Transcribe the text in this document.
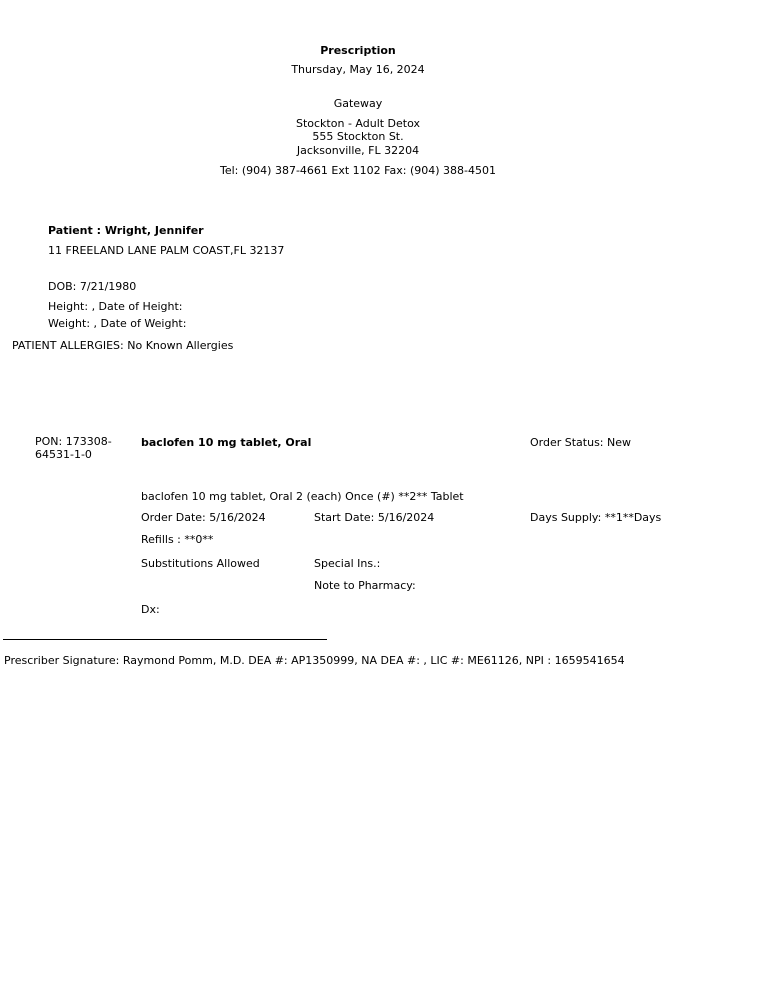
Prescription
Thursday, May 16, 2024
Gateway
Stockton - Adult Detox
555 Stockton St.
Jacksonville, FL 32204
Tel: (904) 387-4661 Ext 1102 Fax: (904) 388-4501
Patient : Wright, Jennifer
11 FREELAND LANE PALM COAST,FL 32137
DOB: 7/21/1980
Height: , Date of Height:
Weight: , Date of Weight:
PATIENT ALLERGIES: No Known Allergies
PON: 173308-
64531-1-0
baclofen 10 mg tablet, Oral	Order Status: New
baclofen 10 mg tablet, Oral 2 (each) Once (#) **2** Tablet
Order Date: 5/16/2024	Start Date: 5/16/2024	Days Supply: **1**Days
Refills : **0**
Substitutions Allowed	Special Ins.:
Note to Pharmacy:
Dx:
Prescriber Signature: Raymond Pomm, M.D. DEA #: AP1350999, NA DEA #: , LIC #: ME61126, NPI : 1659541654
